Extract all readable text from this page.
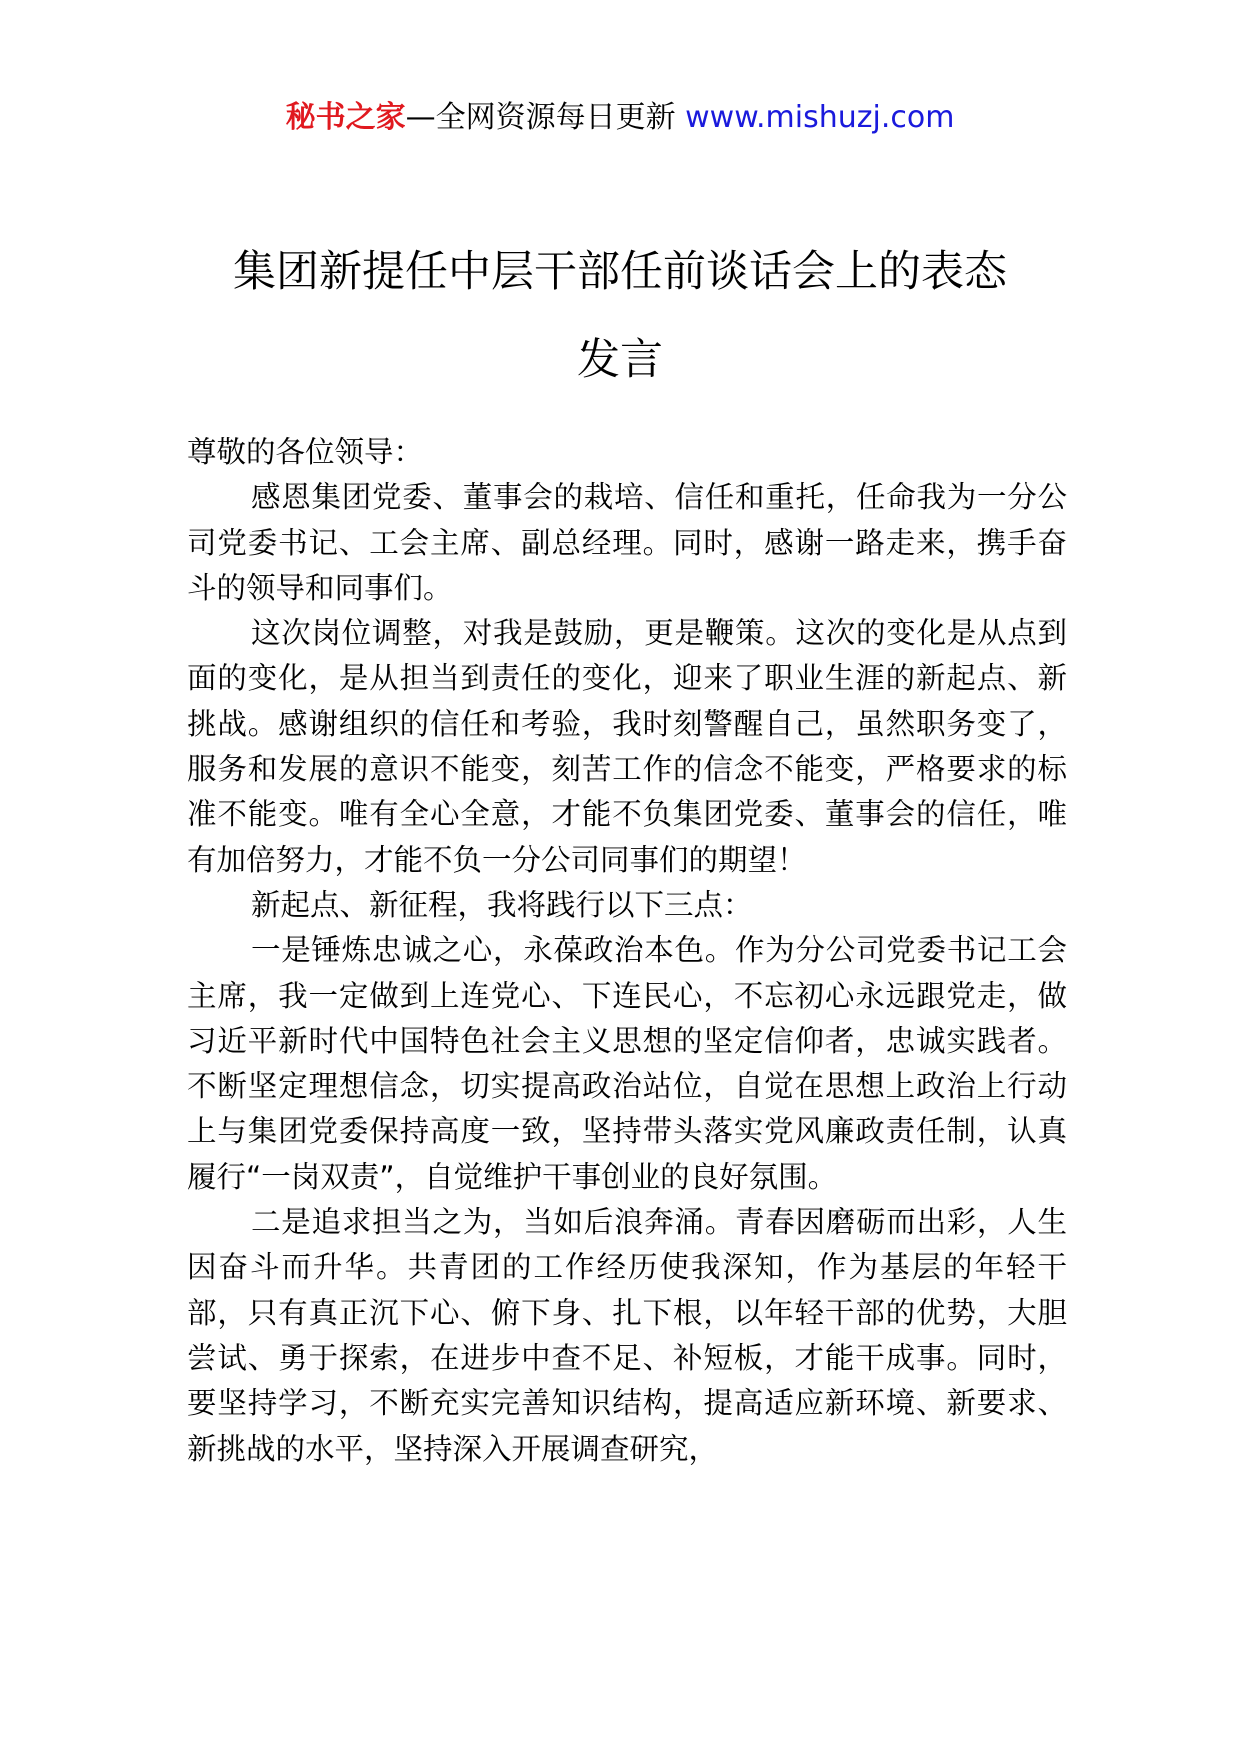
秘书之家—全网资源每日更新 www.mishuzj.com
集团新提任中层干部任前谈话会上的表态
发言

尊敬的各位领导：

感恩集团党委、董事会的栽培、信任和重托，任命我为一分公司党委书记、工会主席、副总经理。同时，感谢一路走来，携手奋斗的领导和同事们。

这次岗位调整，对我是鼓励，更是鞭策。这次的变化是从点到面的变化，是从担当到责任的变化，迎来了职业生涯的新起点、新挑战。感谢组织的信任和考验，我时刻警醒自己，虽然职务变了，服务和发展的意识不能变，刻苦工作的信念不能变，严格要求的标准不能变。唯有全心全意，才能不负集团党委、董事会的信任，唯有加倍努力，才能不负一分公司同事们的期望！

新起点、新征程，我将践行以下三点：

一是锤炼忠诚之心，永葆政治本色。作为分公司党委书记工会主席，我一定做到上连党心、下连民心，不忘初心永远跟党走，做习近平新时代中国特色社会主义思想的坚定信仰者，忠诚实践者。不断坚定理想信念，切实提高政治站位，自觉在思想上政治上行动上与集团党委保持高度一致，坚持带头落实党风廉政责任制，认真履行“一岗双责”，自觉维护干事创业的良好氛围。

二是追求担当之为，当如后浪奔涌。青春因磨砺而出彩，人生因奋斗而升华。共青团的工作经历使我深知，作为基层的年轻干部，只有真正沉下心、俯下身、扎下根，以年轻干部的优势，大胆尝试、勇于探索，在进步中查不足、补短板，才能干成事。同时，要坚持学习，不断充实完善知识结构，提高适应新环境、新要求、新挑战的水平，坚持深入开展调查研究，
